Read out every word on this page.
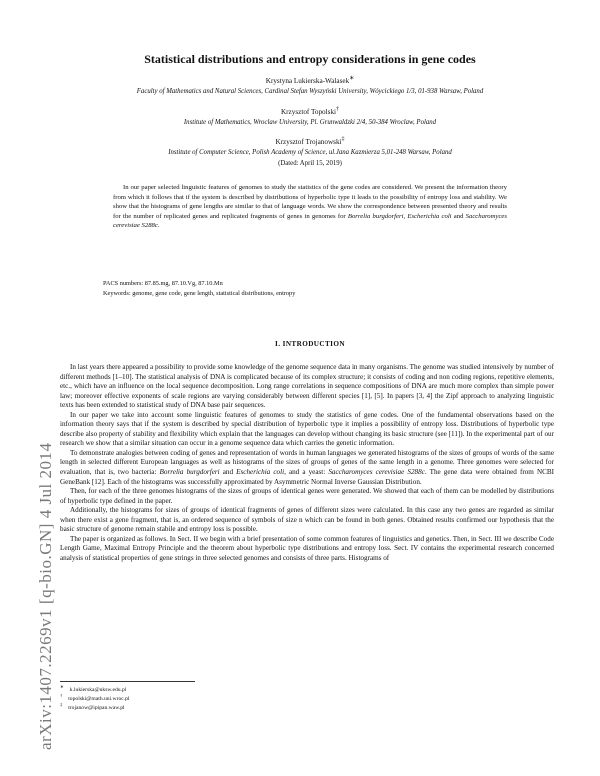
arXiv:1407.2269v1 [q-bio.GN] 4 Jul 2014
Statistical distributions and entropy considerations in gene codes
Krystyna Lukierska-Walasek∗
Faculty of Mathematics and Natural Sciences, Cardinal Stefan Wyszyński University, Wóycickiego 1/3, 01-938 Warsaw, Poland
Krzysztof Topolski†
Institute of Mathematics, Wroclaw University, Pl. Grunwaldzki 2/4, 50-384 Wroclaw, Poland
Krzysztof Trojanowski‡
Institute of Computer Science, Polish Academy of Science, ul.Jana Kazmierza 5,01-248 Warsaw, Poland
(Dated: April 15, 2019)
In our paper selected linguistic features of genomes to study the statistics of the gene codes are considered. We present the information theory from which it follows that if the system is described by distributions of hyperbolic type it leads to the possibility of entropy loss and stability. We show that the histograms of gene lengths are similar to that of language words. We show the correspondence between presented theory and results for the number of replicated genes and replicated fragments of genes in genomes for Borrelia burgdorferi, Escherichia coli and Saccharomyces cerevisiae S288c.
PACS numbers: 87.85.mg, 87.10.Vg, 87.10.Mn
Keywords: genome, gene code, gene length, statistical distributions, entropy
I. INTRODUCTION

In last years there appeared a possibility to provide some knowledge of the genome sequence data in many organisms. The genome was studied intensively by number of different methods [1–10]. The statistical analysis of DNA is complicated because of its complex structure; it consists of coding and non coding regions, repetitive elements, etc., which have an influence on the local sequence decomposition. Long range correlations in sequence compositions of DNA are much more complex than simple power law; moreover effective exponents of scale regions are varying considerably between different species [1], [5]. In papers [3, 4] the Zipf approach to analyzing linguistic texts has been extended to statistical study of DNA base pair sequences.

In our paper we take into account some linguistic features of genomes to study the statistics of gene codes. One of the fundamental observations based on the information theory says that if the system is described by special distribution of hyperbolic type it implies a possibility of entropy loss. Distributions of hyperbolic type describe also property of stability and flexibility which explain that the languages can develop without changing its basic structure (see [11]). In the experimental part of our research we show that a similar situation can occur in a genome sequence data which carries the genetic information.

To demonstrate analogies between coding of genes and representation of words in human languages we generated histograms of the sizes of groups of words of the same length in selected different European languages as well as histograms of the sizes of groups of genes of the same length in a genome. Three genomes were selected for evaluation, that is, two bacteria: Borrelia burgdorferi and Escherichia coli, and a yeast: Saccharomyces cerevisiae S288c. The gene data were obtained from NCBI GeneBank [12]. Each of the histograms was successfully approximated by Asymmetric Normal Inverse Gaussian Distribution.

Then, for each of the three genomes histograms of the sizes of groups of identical genes were generated. We showed that each of them can be modelled by distributions of hyperbolic type defined in the paper.

Additionally, the histograms for sizes of groups of identical fragments of genes of different sizes were calculated. In this case any two genes are regarded as similar when there exist a gene fragment, that is, an ordered sequence of symbols of size n which can be found in both genes. Obtained results confirmed our hypothesis that the basic structure of genome remain stabile and entropy loss is possible.

The paper is organized as follows. In Sect. II we begin with a brief presentation of some common features of linguistics and genetics. Then, in Sect. III we describe Code Length Game, Maximal Entropy Principle and the theorem about hyperbolic type distributions and entropy loss. Sect. IV contains the experimental research concerned analysis of statistical properties of gene strings in three selected genomes and consists of three parts. Histograms of

∗k.lukierska@uksw.edu.pl
†topolski@math.uni.wroc.pl
‡trojanow@ipipan.waw.pl
